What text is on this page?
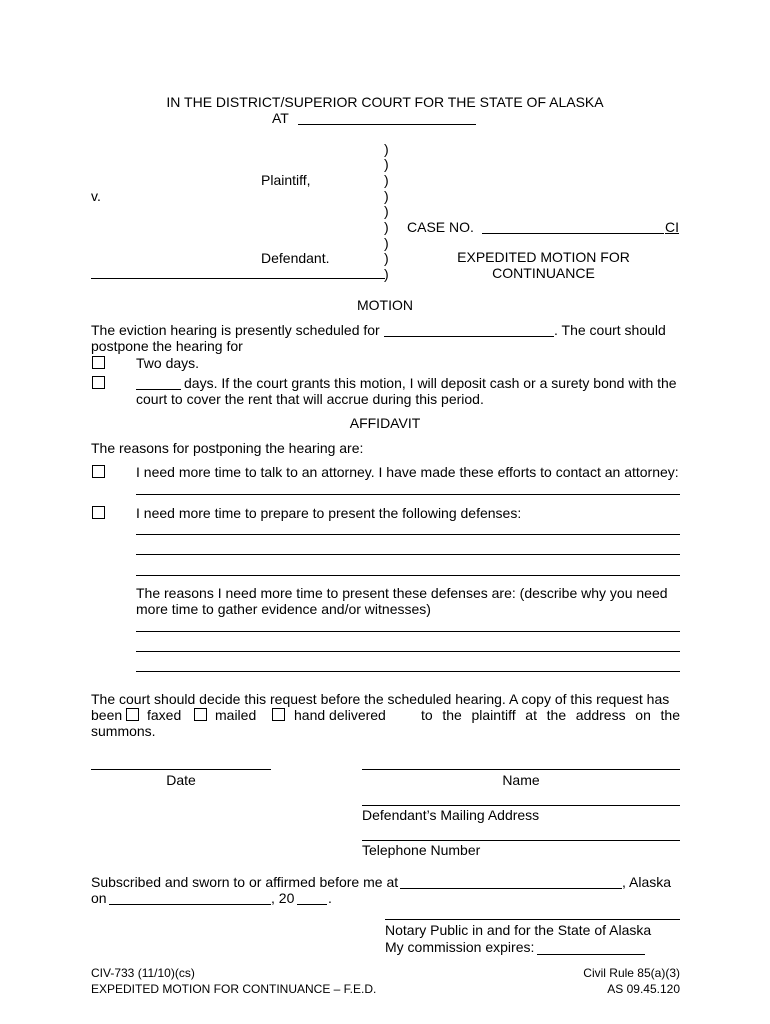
IN THE DISTRICT/SUPERIOR COURT FOR THE STATE OF ALASKA
AT
)
)
)
)
)
)
)
)
)
Plaintiff,
v.
Defendant.
CASE NO.	CI
EXPEDITED MOTION FOR
CONTINUANCE
MOTION
The eviction hearing is presently scheduled for	. The court should
postpone the hearing for
Two days.
days. If the court grants this motion, I will deposit cash or a surety bond with the
court to cover the rent that will accrue during this period.
AFFIDAVIT
The reasons for postponing the hearing are:
I need more time to talk to an attorney. I have made these efforts to contact an attorney:
I need more time to prepare to present the following defenses:
The reasons I need more time to present these defenses are: (describe why you need
more time to gather evidence and/or witnesses)
The court should decide this request before the scheduled hearing. A copy of this request has
been faxed mailed	hand delivered	to the plaintiff at the address on the
summons.
Date	Name
Defendant’s Mailing Address
Telephone Number
Subscribed and sworn to or affirmed before me at	, Alaska
on	, 20 .
Notary Public in and for the State of Alaska
My commission expires:
CIV-733 (11/10)(cs)
EXPEDITED MOTION FOR CONTINUANCE – F.E.D.
Civil Rule 85(a)(3)
AS 09.45.120
